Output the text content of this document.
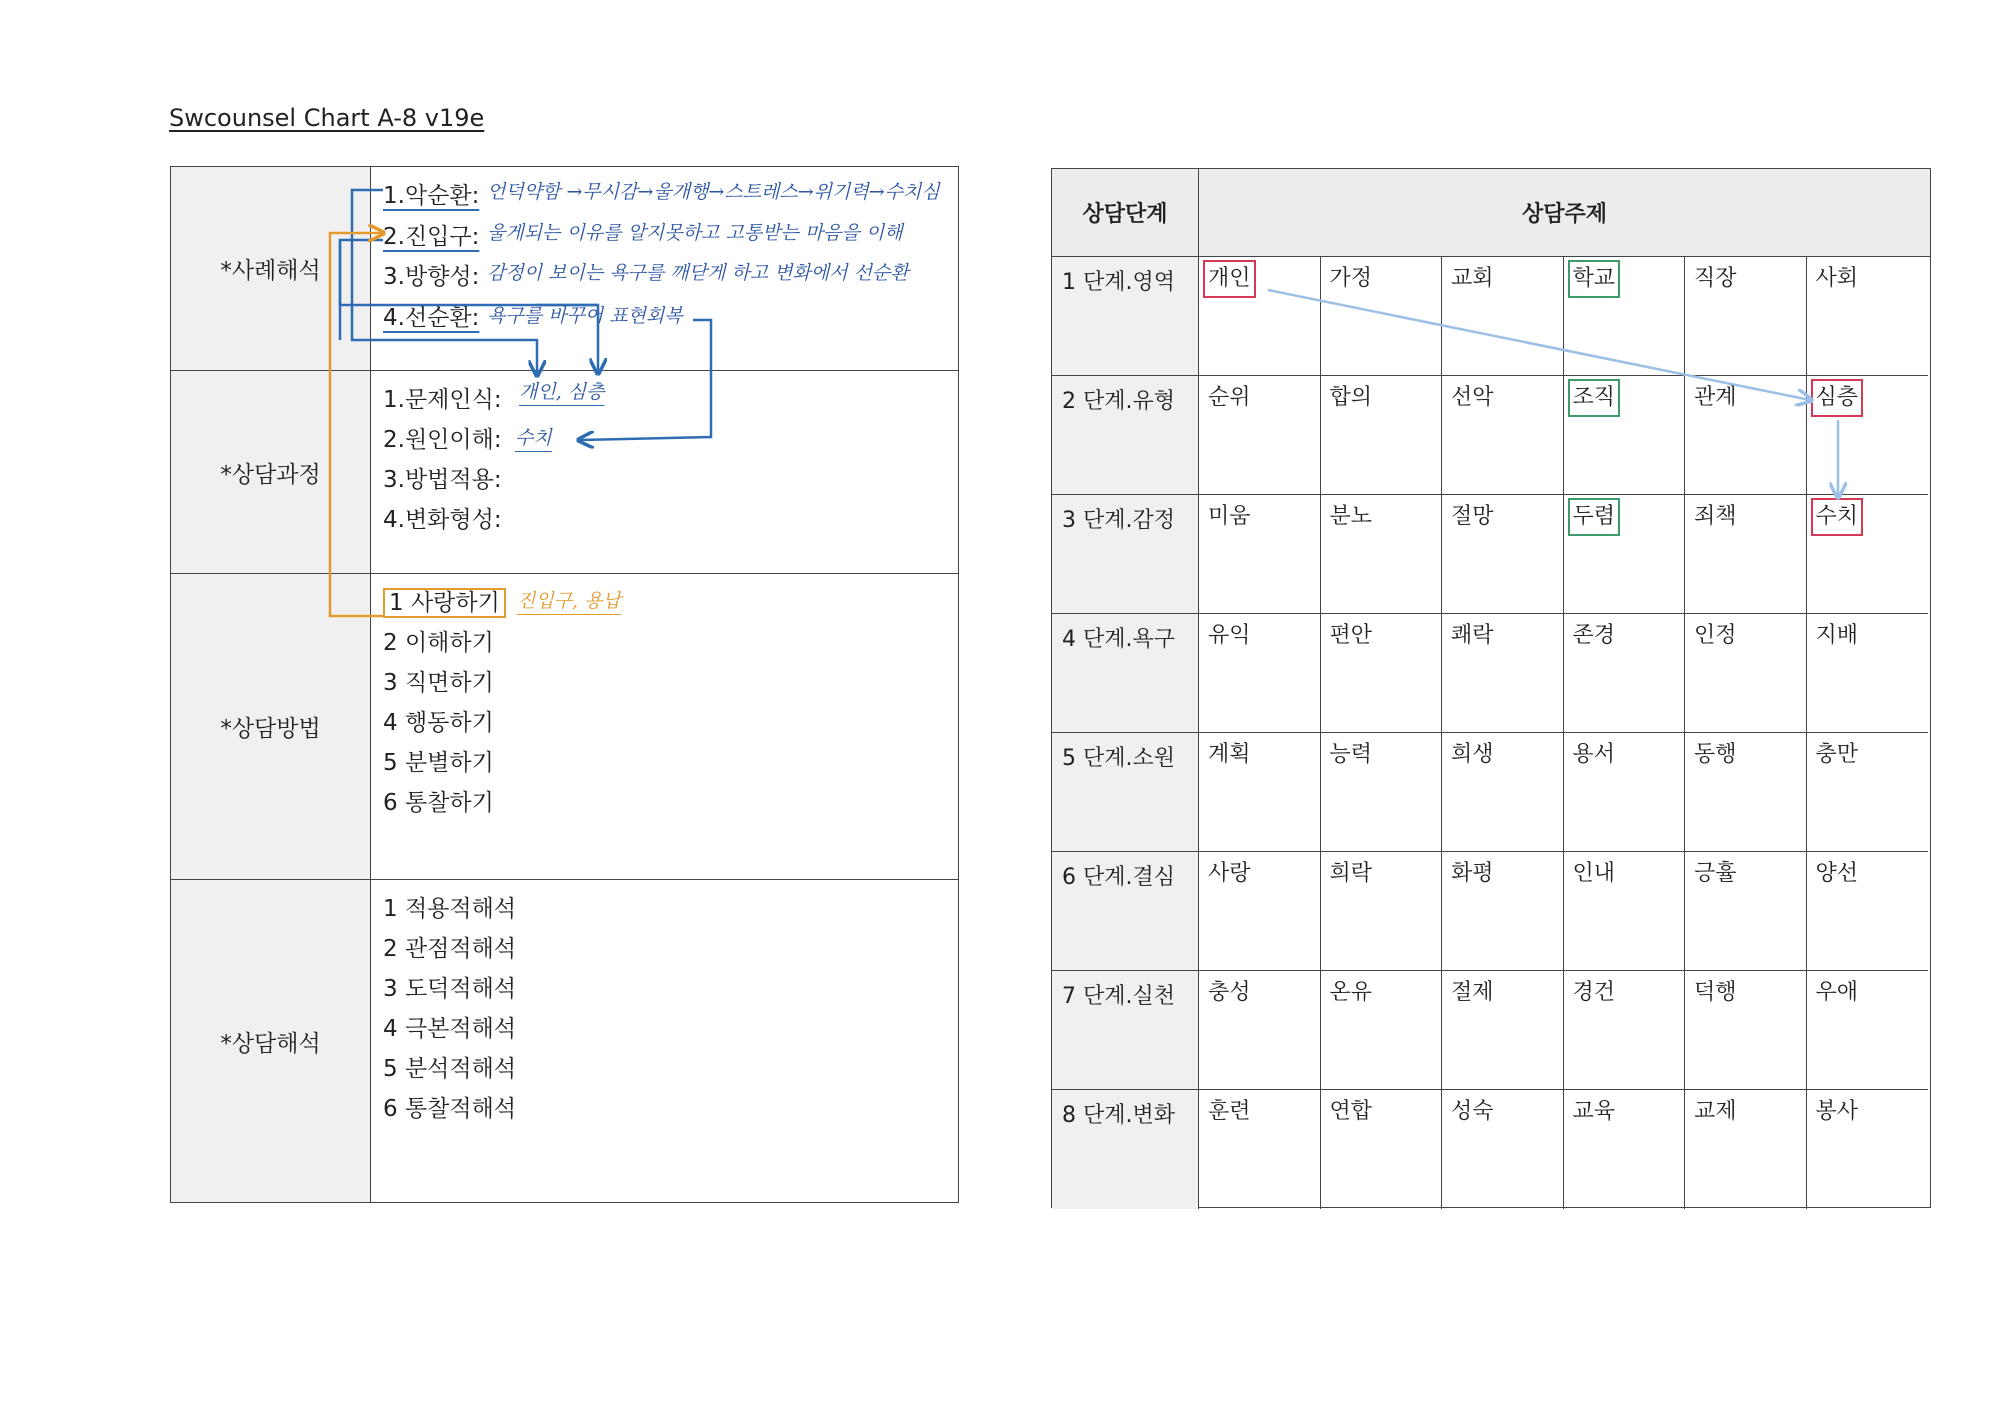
Swcounsel Chart A-8 v19e
*사례해석
1.악순환: 언덕약함 →무시감→울개행→스트레스→위기력→수치심
2.진입구: 울게되는 이유를 알지못하고 고통받는 마음을 이해
3.방향성: 감정이 보이는 욕구를 깨닫게 하고 변화에서 선순환
4.선순환: 욕구를 바꾸어 표현회복
*상담과정
1.문제인식: 개인, 심층
2.원인이해: 수치
3.방법적용:
4.변화형성:
*상담방법
1 사랑하기 진입구, 용납
2 이해하기
3 직면하기
4 행동하기
5 분별하기
6 통찰하기
*상담해석
1 적용적해석
2 관점적해석
3 도덕적해석
4 극본적해석
5 분석적해석
6 통찰적해석
상담단계	상담주제
1 단계.영역	개인	가정	교회	학교	직장	사회
2 단계.유형	순위	합의	선악	조직	관계	심층
3 단계.감정	미움	분노	절망	두렴	죄책	수치
4 단계.욕구	유익	편안	쾌락	존경	인정	지배
5 단계.소원	계획	능력	희생	용서	동행	충만
6 단계.결심	사랑	희락	화평	인내	긍휼	양선
7 단계.실천	충성	온유	절제	경건	덕행	우애
8 단계.변화	훈련	연합	성숙	교육	교제	봉사
